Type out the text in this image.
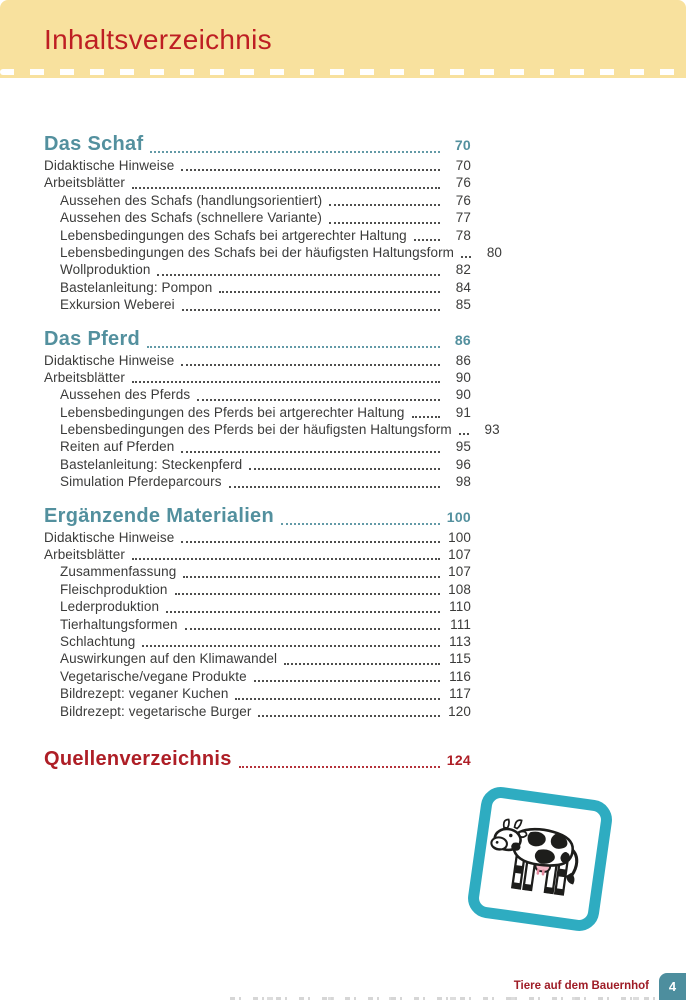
Inhaltsverzeichnis
Das Schaf	70
Didaktische Hinweise	70
Arbeitsblätter	76
Aussehen des Schafs (handlungsorientiert)	76
Aussehen des Schafs (schnellere Variante)	77
Lebensbedingungen des Schafs bei artgerechter Haltung	78
Lebensbedingungen des Schafs bei der häufigsten Haltungsform	80
Wollproduktion	82
Bastelanleitung: Pompon	84
Exkursion Weberei	85
Das Pferd	86
Didaktische Hinweise	86
Arbeitsblätter	90
Aussehen des Pferds	90
Lebensbedingungen des Pferds bei artgerechter Haltung	91
Lebensbedingungen des Pferds bei der häufigsten Haltungsform	93
Reiten auf Pferden	95
Bastelanleitung: Steckenpferd	96
Simulation Pferdeparcours	98
Ergänzende Materialien	100
Didaktische Hinweise	100
Arbeitsblätter	107
Zusammenfassung	107
Fleischproduktion	108
Lederproduktion	110
Tierhaltungsformen	111
Schlachtung	113
Auswirkungen auf den Klimawandel	115
Vegetarische/vegane Produkte	116
Bildrezept: veganer Kuchen	117
Bildrezept: vegetarische Burger	120
Quellenverzeichnis	124
Tiere auf dem Bauernhof	4
